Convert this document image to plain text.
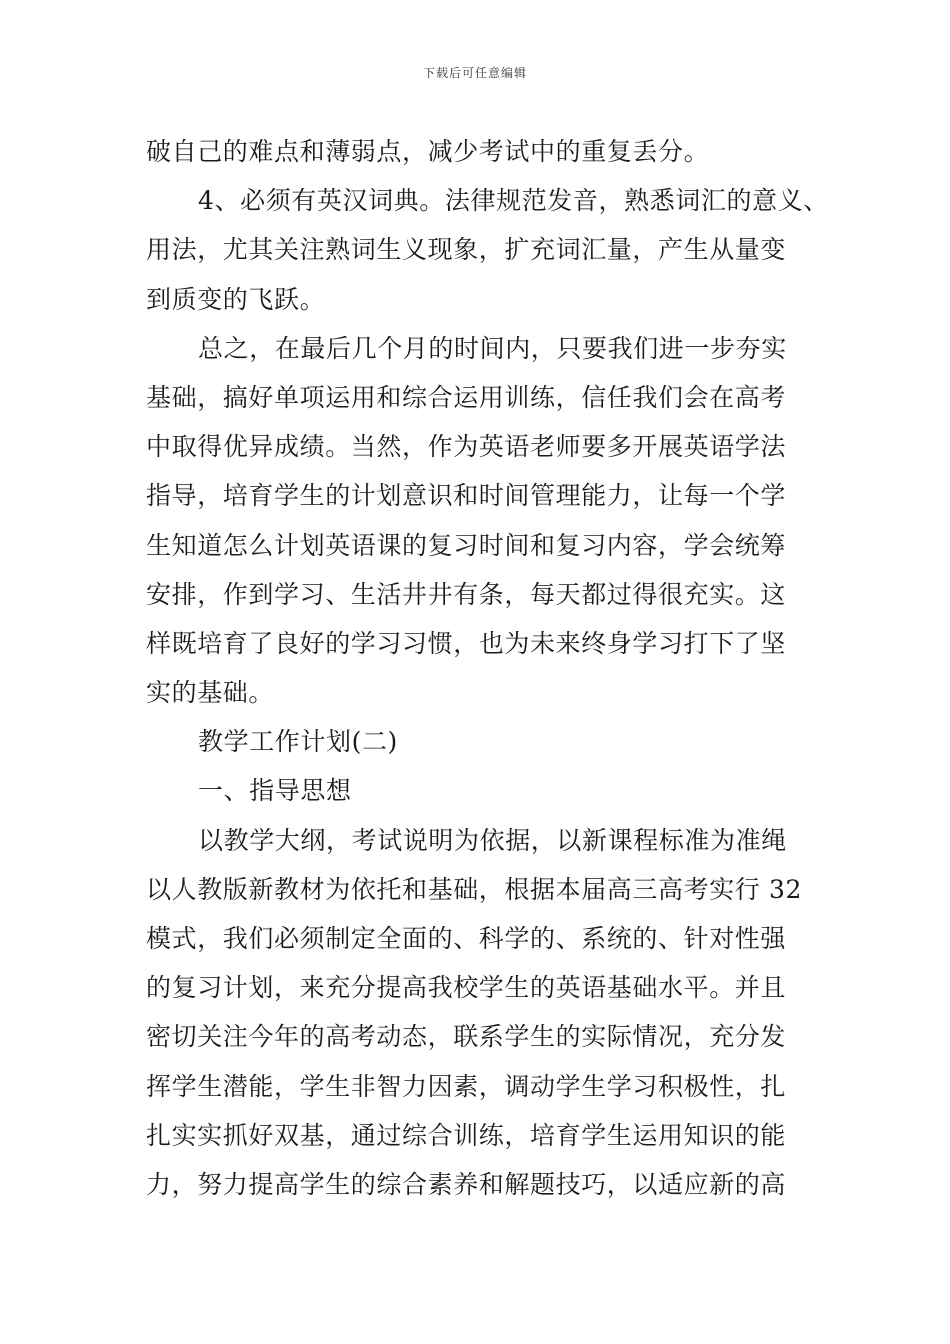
下载后可任意编辑
破自己的难点和薄弱点，减少考试中的重复丢分。
4、必须有英汉词典。法律规范发音，熟悉词汇的意义、
用法，尤其关注熟词生义现象，扩充词汇量，产生从量变
到质变的飞跃。
总之，在最后几个月的时间内，只要我们进一步夯实
基础，搞好单项运用和综合运用训练，信任我们会在高考
中取得优异成绩。当然，作为英语老师要多开展英语学法
指导，培育学生的计划意识和时间管理能力，让每一个学
生知道怎么计划英语课的复习时间和复习内容，学会统筹
安排，作到学习、生活井井有条，每天都过得很充实。这
样既培育了良好的学习习惯，也为未来终身学习打下了坚
实的基础。
教学工作计划(二)
一、指导思想
以教学大纲，考试说明为依据，以新课程标准为准绳
以人教版新教材为依托和基础，根据本届高三高考实行 32
模式，我们必须制定全面的、科学的、系统的、针对性强
的复习计划，来充分提高我校学生的英语基础水平。并且
密切关注今年的高考动态，联系学生的实际情况，充分发
挥学生潜能，学生非智力因素，调动学生学习积极性，扎
扎实实抓好双基，通过综合训练，培育学生运用知识的能
力，努力提高学生的综合素养和解题技巧，以适应新的高
